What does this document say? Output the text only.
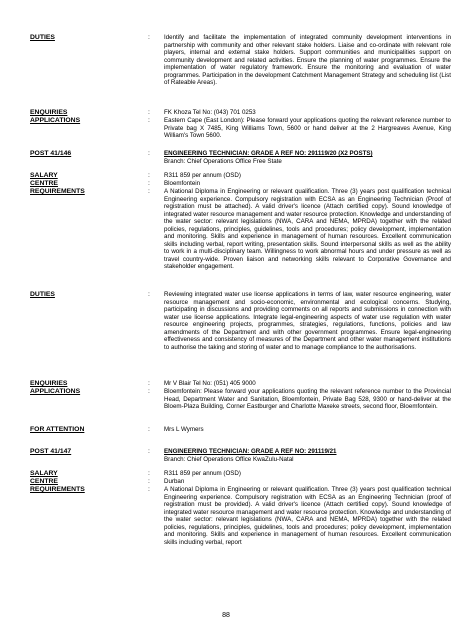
DUTIES	: Identify and facilitate the implementation of integrated community development interventions in partnership with community and other relevant stake holders. Liaise and co-ordinate with relevant role players, internal and external stake holders. Support communities and municipalities support on community development and related activities. Ensure the planning of water programmes. Ensure the implementation of water regulatory framework. Ensure the monitoring and evaluation of water programmes. Participation in the development Catchment Management Strategy and scheduling list (List of Rateable Areas).
ENQUIRIES	: FK Khoza Tel No: (043) 701 0253
APPLICATIONS	: Eastern Cape (East London): Please forward your applications quoting the relevant reference number to Private bag X 7485, King Williams Town, 5600 or hand deliver at the 2 Hargreaves Avenue, King William's Town 5600.
POST 41/146	: ENGINEERING TECHNICIAN: GRADE A REF NO: 291119/20 (X2 POSTS)
Branch: Chief Operations Office Free State
SALARY	: R311 859 per annum (OSD)
CENTRE	: Bloemfontein
REQUIREMENTS	: A National Diploma in Engineering or relevant qualification. Three (3) years post qualification technical Engineering experience. Compulsory registration with ECSA as an Engineering Technician (Proof of registration must be attached). A valid driver's licence (Attach certified copy). Sound knowledge of integrated water resource management and water resource protection. Knowledge and understanding of the water sector: relevant legislations (NWA, CARA and NEMA, MPRDA) together with the related policies, regulations, principles, guidelines, tools and procedures; policy development, implementation and monitoring. Skills and experience in management of human resources. Excellent communication skills including verbal, report writing, presentation skills. Sound interpersonal skills as well as the ability to work in a multi-disciplinary team. Willingness to work abnormal hours and under pressure as well as travel country-wide. Proven liaison and networking skills relevant to Corporative Governance and stakeholder engagement.
DUTIES	: Reviewing integrated water use license applications in terms of law, water resource engineering, water resource management and socio-economic, environmental and ecological concerns. Studying, participating in discussions and providing comments on all reports and submissions in connection with water use license applications. Integrate legal-engineering aspects of water use regulation with water resource engineering projects, programmes, strategies, regulations, functions, policies and law amendments of the Department and with other government programmes. Ensure legal-engineering effectiveness and consistency of measures of the Department and other water management institutions to authorise the taking and storing of water and to manage compliance to the authorisations.
ENQUIRIES	: Mr V Blair Tel No: (051) 405 9000
APPLICATIONS	: Bloemfontein: Please forward your applications quoting the relevant reference number to the Provincial Head, Department Water and Sanitation, Bloemfontein, Private Bag 528, 9300 or hand-deliver at the Bloem-Plaza Building, Corner Eastburger and Charlotte Maxeke streets, second floor, Bloemfontein.
FOR ATTENTION	: Mrs L Wymers
POST 41/147	: ENGINEERING TECHNICIAN: GRADE A REF NO: 291119/21
Branch: Chief Operations Office KwaZulu-Natal
SALARY	: R311 859 per annum (OSD)
CENTRE	: Durban
REQUIREMENTS	: A National Diploma in Engineering or relevant qualification. Three (3) years post qualification technical Engineering experience. Compulsory registration with ECSA as an Engineering Technician (proof of registration must be provided). A valid driver's licence (Attach certified copy). Sound knowledge of integrated water resource management and water resource protection. Knowledge and understanding of the water sector: relevant legislations (NWA, CARA and NEMA, MPRDA) together with the related policies, regulations, principles, guidelines, tools and procedures; policy development, implementation and monitoring. Skills and experience in management of human resources. Excellent communication skills including verbal, report
88
